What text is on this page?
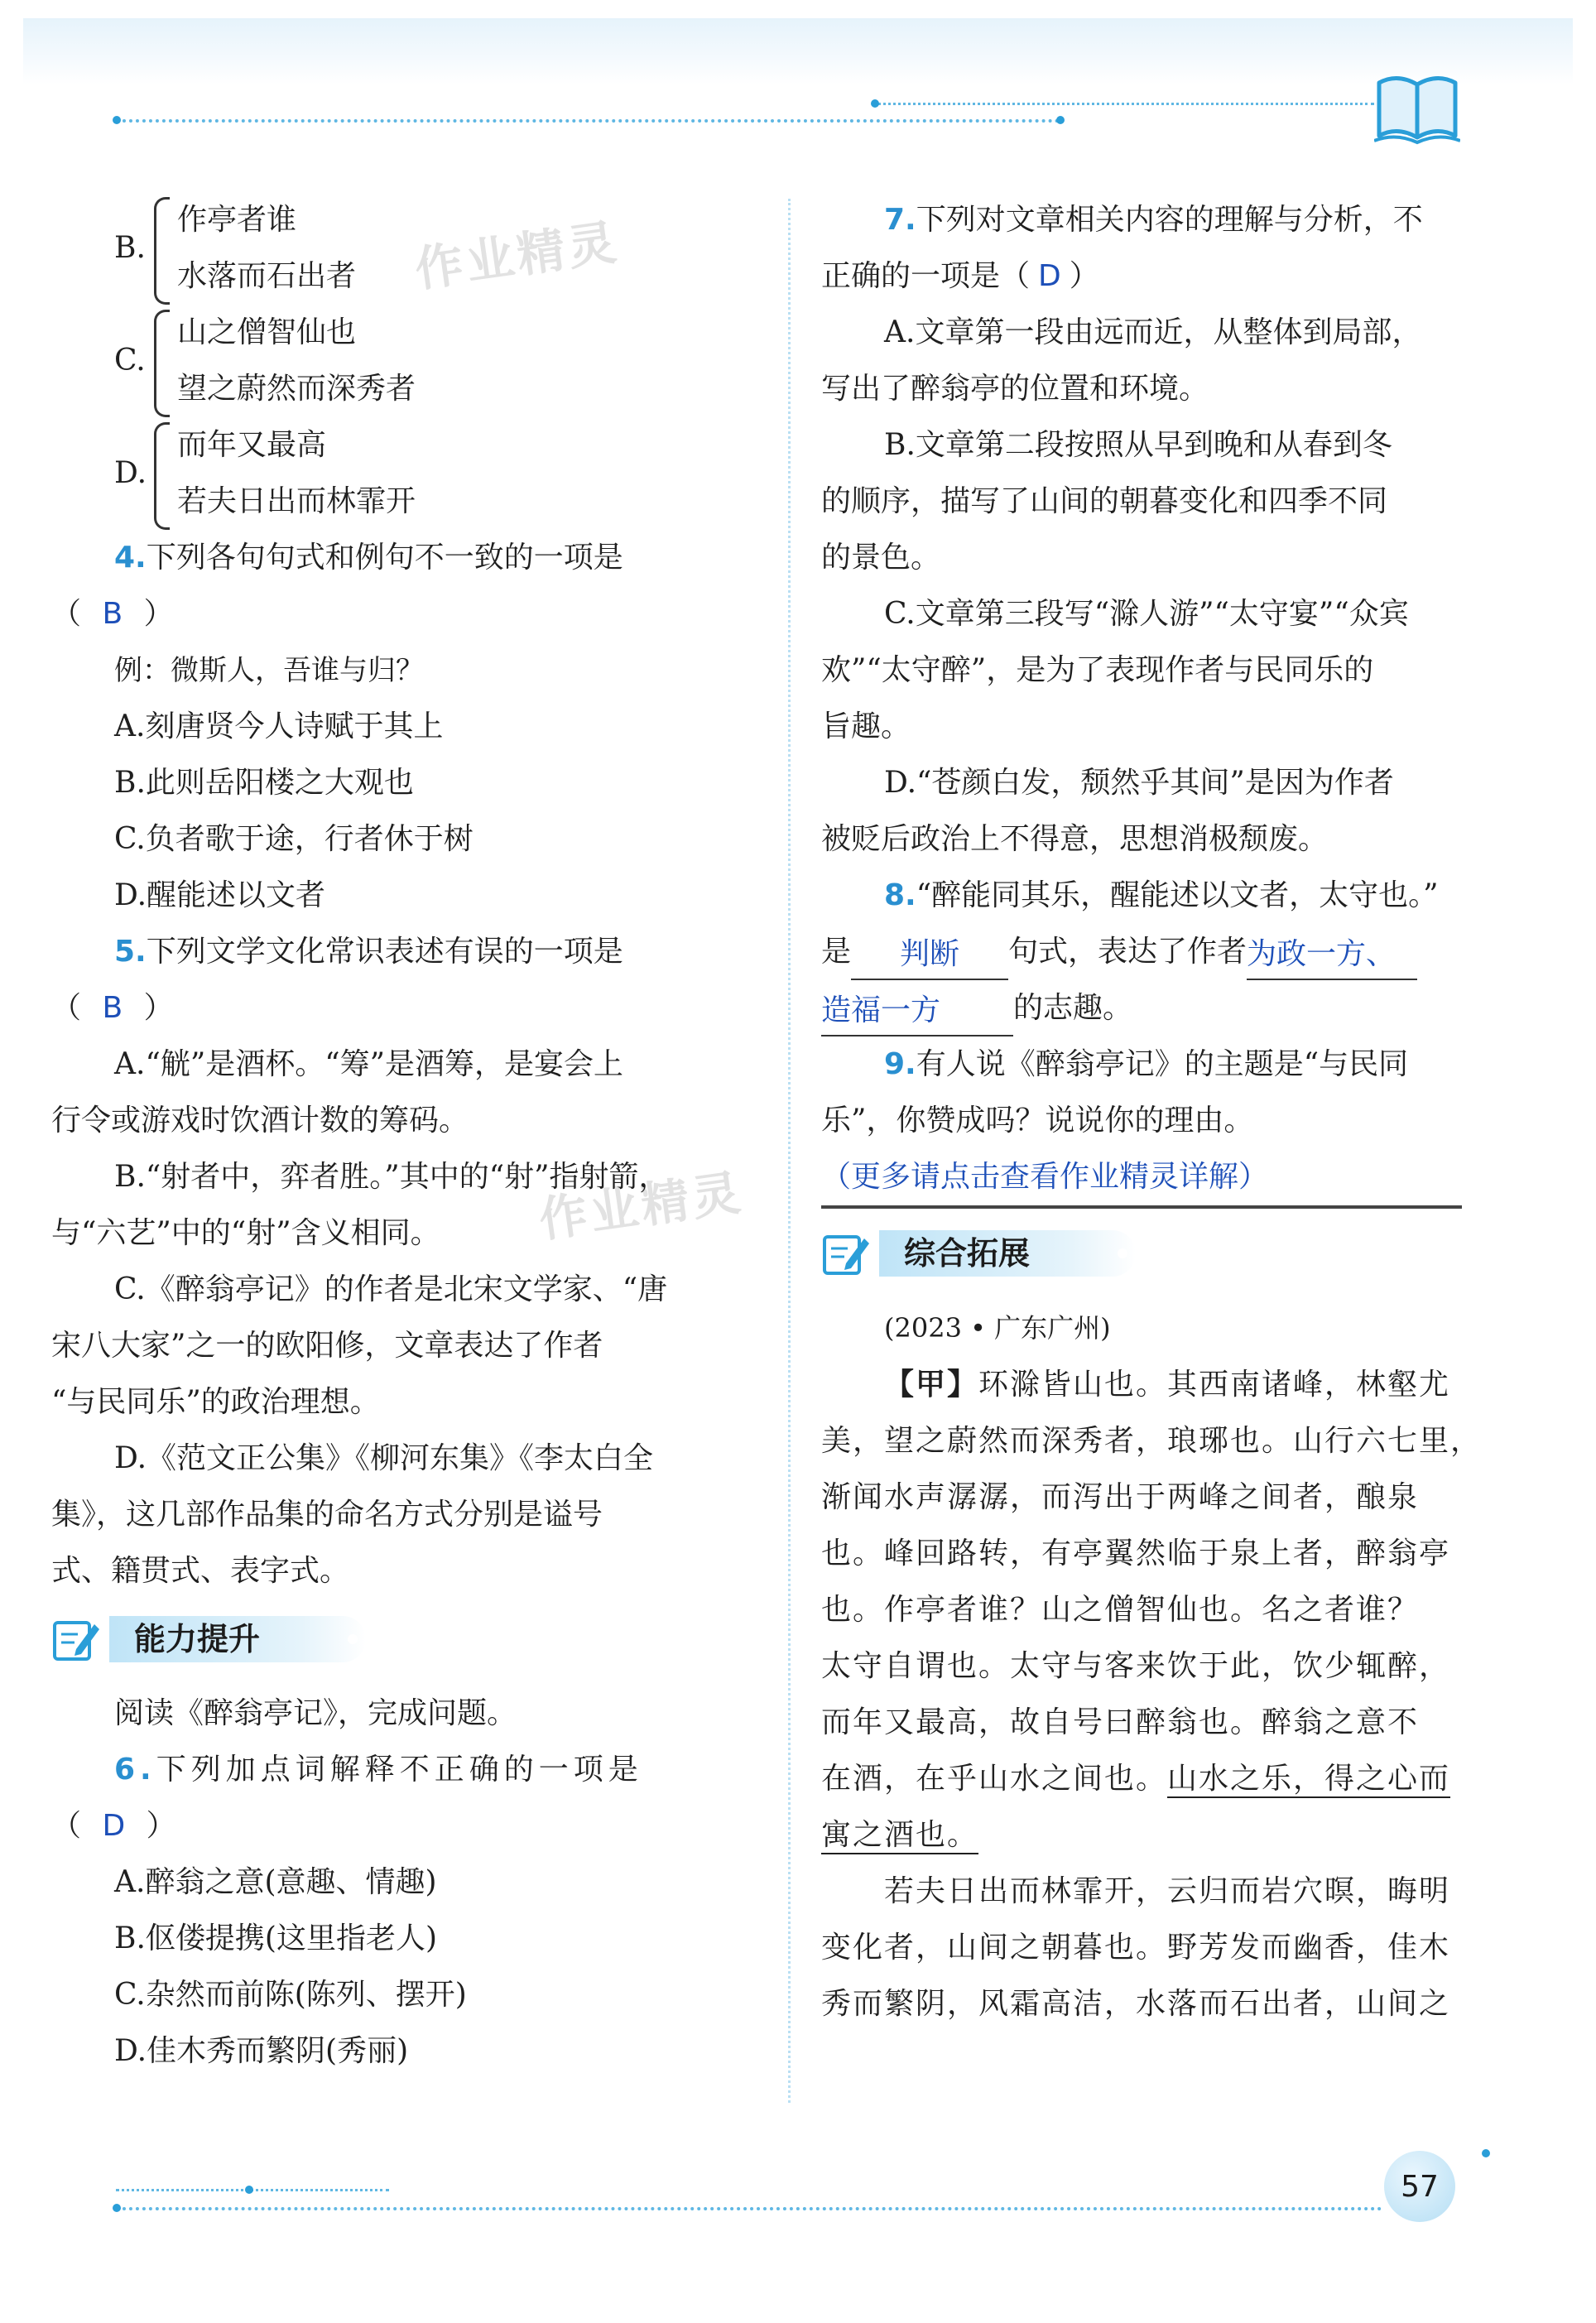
作业精灵
作业精灵
B.
作亭者谁
水落而石出者
C.
山之僧智仙也
望之蔚然而深秀者
D.
而年又最高
若夫日出而林霏开
4.下列各句句式和例句不一致的一项是
（ B ）
例：微斯人，吾谁与归？
A.刻唐贤今人诗赋于其上
B.此则岳阳楼之大观也
C.负者歌于途，行者休于树
D.醒能述以文者
5.下列文学文化常识表述有误的一项是
（ B ）
A.“觥”是酒杯。“筹”是酒筹，是宴会上
行令或游戏时饮酒计数的筹码。
B.“射者中，弈者胜。”其中的“射”指射箭，
与“六艺”中的“射”含义相同。
C.《醉翁亭记》的作者是北宋文学家、“唐
宋八大家”之一的欧阳修，文章表达了作者
“与民同乐”的政治理想。
D.《范文正公集》《柳河东集》《李太白全
集》，这几部作品集的命名方式分别是谥号
式、籍贯式、表字式。
能力提升
阅读《醉翁亭记》，完成问题。
6.下列加点词解释不正确的一项是
（ D ）
A.醉翁之意(意趣、情趣)
B.伛偻提携(这里指老人)
C.杂然而前陈(陈列、摆开)
D.佳木秀而繁阴(秀丽)
7.下列对文章相关内容的理解与分析，不
正确的一项是（ D ）
A.文章第一段由远而近，从整体到局部，
写出了醉翁亭的位置和环境。
B.文章第二段按照从早到晚和从春到冬
的顺序，描写了山间的朝暮变化和四季不同
的景色。
C.文章第三段写“滁人游”“太守宴”“众宾
欢”“太守醉”，是为了表现作者与民同乐的
旨趣。
D.“苍颜白发，颓然乎其间”是因为作者
被贬后政治上不得意，思想消极颓废。
8.“醉能同其乐，醒能述以文者，太守也。”
是 判断 句式，表达了作者为政一方、
造福一方 的志趣。
9.有人说《醉翁亭记》的主题是“与民同
乐”，你赞成吗？说说你的理由。
（更多请点击查看作业精灵详解）
综合拓展
(2023 • 广东广州)
【甲】环滁皆山也。其西南诸峰，林壑尤
美，望之蔚然而深秀者，琅琊也。山行六七里，
渐闻水声潺潺，而泻出于两峰之间者，酿泉
也。峰回路转，有亭翼然临于泉上者，醉翁亭
也。作亭者谁？山之僧智仙也。名之者谁？
太守自谓也。太守与客来饮于此，饮少辄醉，
而年又最高，故自号曰醉翁也。醉翁之意不
在酒，在乎山水之间也。山水之乐，得之心而
寓之酒也。
若夫日出而林霏开，云归而岩穴暝，晦明
变化者，山间之朝暮也。野芳发而幽香，佳木
秀而繁阴，风霜高洁，水落而石出者，山间之
57
